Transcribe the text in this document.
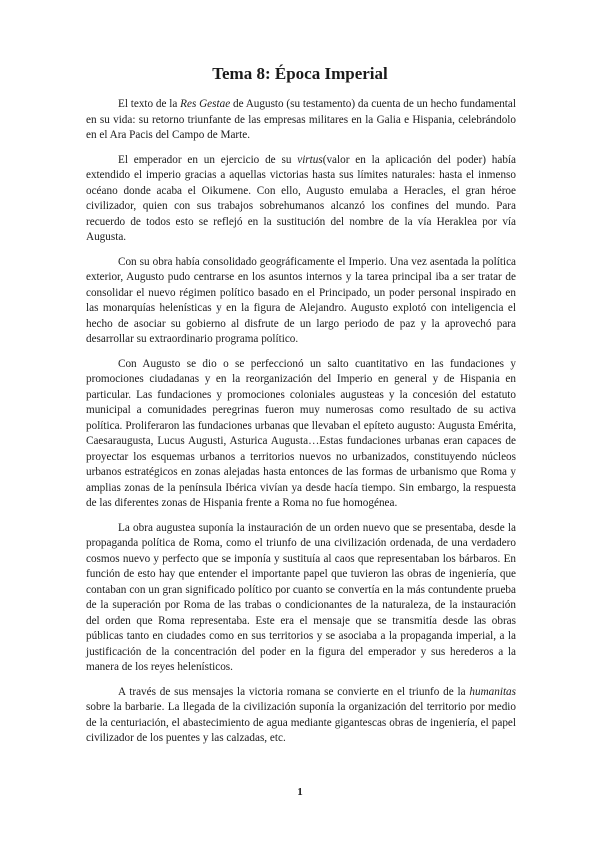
Tema 8: Época Imperial

El texto de la Res Gestae de Augusto (su testamento) da cuenta de un hecho fundamental en su vida: su retorno triunfante de las empresas militares en la Galia e Hispania, celebrándolo en el Ara Pacis del Campo de Marte.

El emperador en un ejercicio de su virtus(valor en la aplicación del poder) había extendido el imperio gracias a aquellas victorias hasta sus límites naturales: hasta el inmenso océano donde acaba el Oikumene. Con ello, Augusto emulaba a Heracles, el gran héroe civilizador, quien con sus trabajos sobrehumanos alcanzó los confines del mundo. Para recuerdo de todos esto se reflejó en la sustitución del nombre de la vía Heraklea por vía Augusta.

Con su obra había consolidado geográficamente el Imperio. Una vez asentada la política exterior, Augusto pudo centrarse en los asuntos internos y la tarea principal iba a ser tratar de consolidar el nuevo régimen político basado en el Principado, un poder personal inspirado en las monarquías helenísticas y en la figura de Alejandro. Augusto explotó con inteligencia el hecho de asociar su gobierno al disfrute de un largo periodo de paz y la aprovechó para desarrollar su extraordinario programa político.

Con Augusto se dio o se perfeccionó un salto cuantitativo en las fundaciones y promociones ciudadanas y en la reorganización del Imperio en general y de Hispania en particular. Las fundaciones y promociones coloniales augusteas y la concesión del estatuto municipal a comunidades peregrinas fueron muy numerosas como resultado de su activa política. Proliferaron las fundaciones urbanas que llevaban el epíteto augusto: Augusta Emérita, Caesaraugusta, Lucus Augusti, Asturica Augusta…Estas fundaciones urbanas eran capaces de proyectar los esquemas urbanos a territorios nuevos no urbanizados, constituyendo núcleos urbanos estratégicos en zonas alejadas hasta entonces de las formas de urbanismo que Roma y amplias zonas de la península Ibérica vivían ya desde hacía tiempo. Sin embargo, la respuesta de las diferentes zonas de Hispania frente a Roma no fue homogénea.

La obra augustea suponía la instauración de un orden nuevo que se presentaba, desde la propaganda política de Roma, como el triunfo de una civilización ordenada, de una verdadero cosmos nuevo y perfecto que se imponía y sustituía al caos que representaban los bárbaros. En función de esto hay que entender el importante papel que tuvieron las obras de ingeniería, que contaban con un gran significado político por cuanto se convertía en la más contundente prueba de la superación por Roma de las trabas o condicionantes de la naturaleza, de la instauración del orden que Roma representaba. Este era el mensaje que se transmitía desde las obras públicas tanto en ciudades como en sus territorios y se asociaba a la propaganda imperial, a la justificación de la concentración del poder en la figura del emperador y sus herederos a la manera de los reyes helenísticos.

A través de sus mensajes la victoria romana se convierte en el triunfo de la humanitas sobre la barbarie. La llegada de la civilización suponía la organización del territorio por medio de la centuriación, el abastecimiento de agua mediante gigantescas obras de ingeniería, el papel civilizador de los puentes y las calzadas, etc.

1
